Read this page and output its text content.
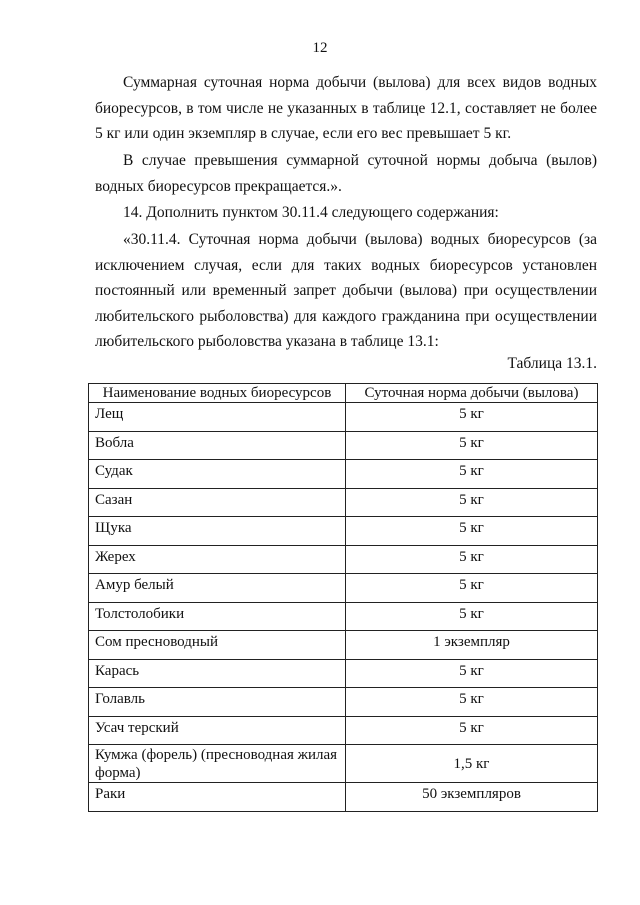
12

Суммарная суточная норма добычи (вылова) для всех видов водных биоресурсов, в том числе не указанных в таблице 12.1, составляет не более 5 кг или один экземпляр в случае, если его вес превышает 5 кг.

В случае превышения суммарной суточной нормы добыча (вылов) водных биоресурсов прекращается.».

14. Дополнить пунктом 30.11.4 следующего содержания:

«30.11.4. Суточная норма добычи (вылова) водных биоресурсов (за исключением случая, если для таких водных биоресурсов установлен постоянный или временный запрет добычи (вылова) при осуществлении любительского рыболовства) для каждого гражданина при осуществлении любительского рыболовства указана в таблице 13.1:

Таблица 13.1.
Наименование водных биоресурсов	Суточная норма добычи (вылова)
Лещ	5 кг
Вобла	5 кг
Судак	5 кг
Сазан	5 кг
Щука	5 кг
Жерех	5 кг
Амур белый	5 кг
Толстолобики	5 кг
Сом пресноводный	1 экземпляр
Карась	5 кг
Голавль	5 кг
Усач терский	5 кг
Кумжа (форель) (пресноводная жилая форма)	1,5 кг
Раки	50 экземпляров
